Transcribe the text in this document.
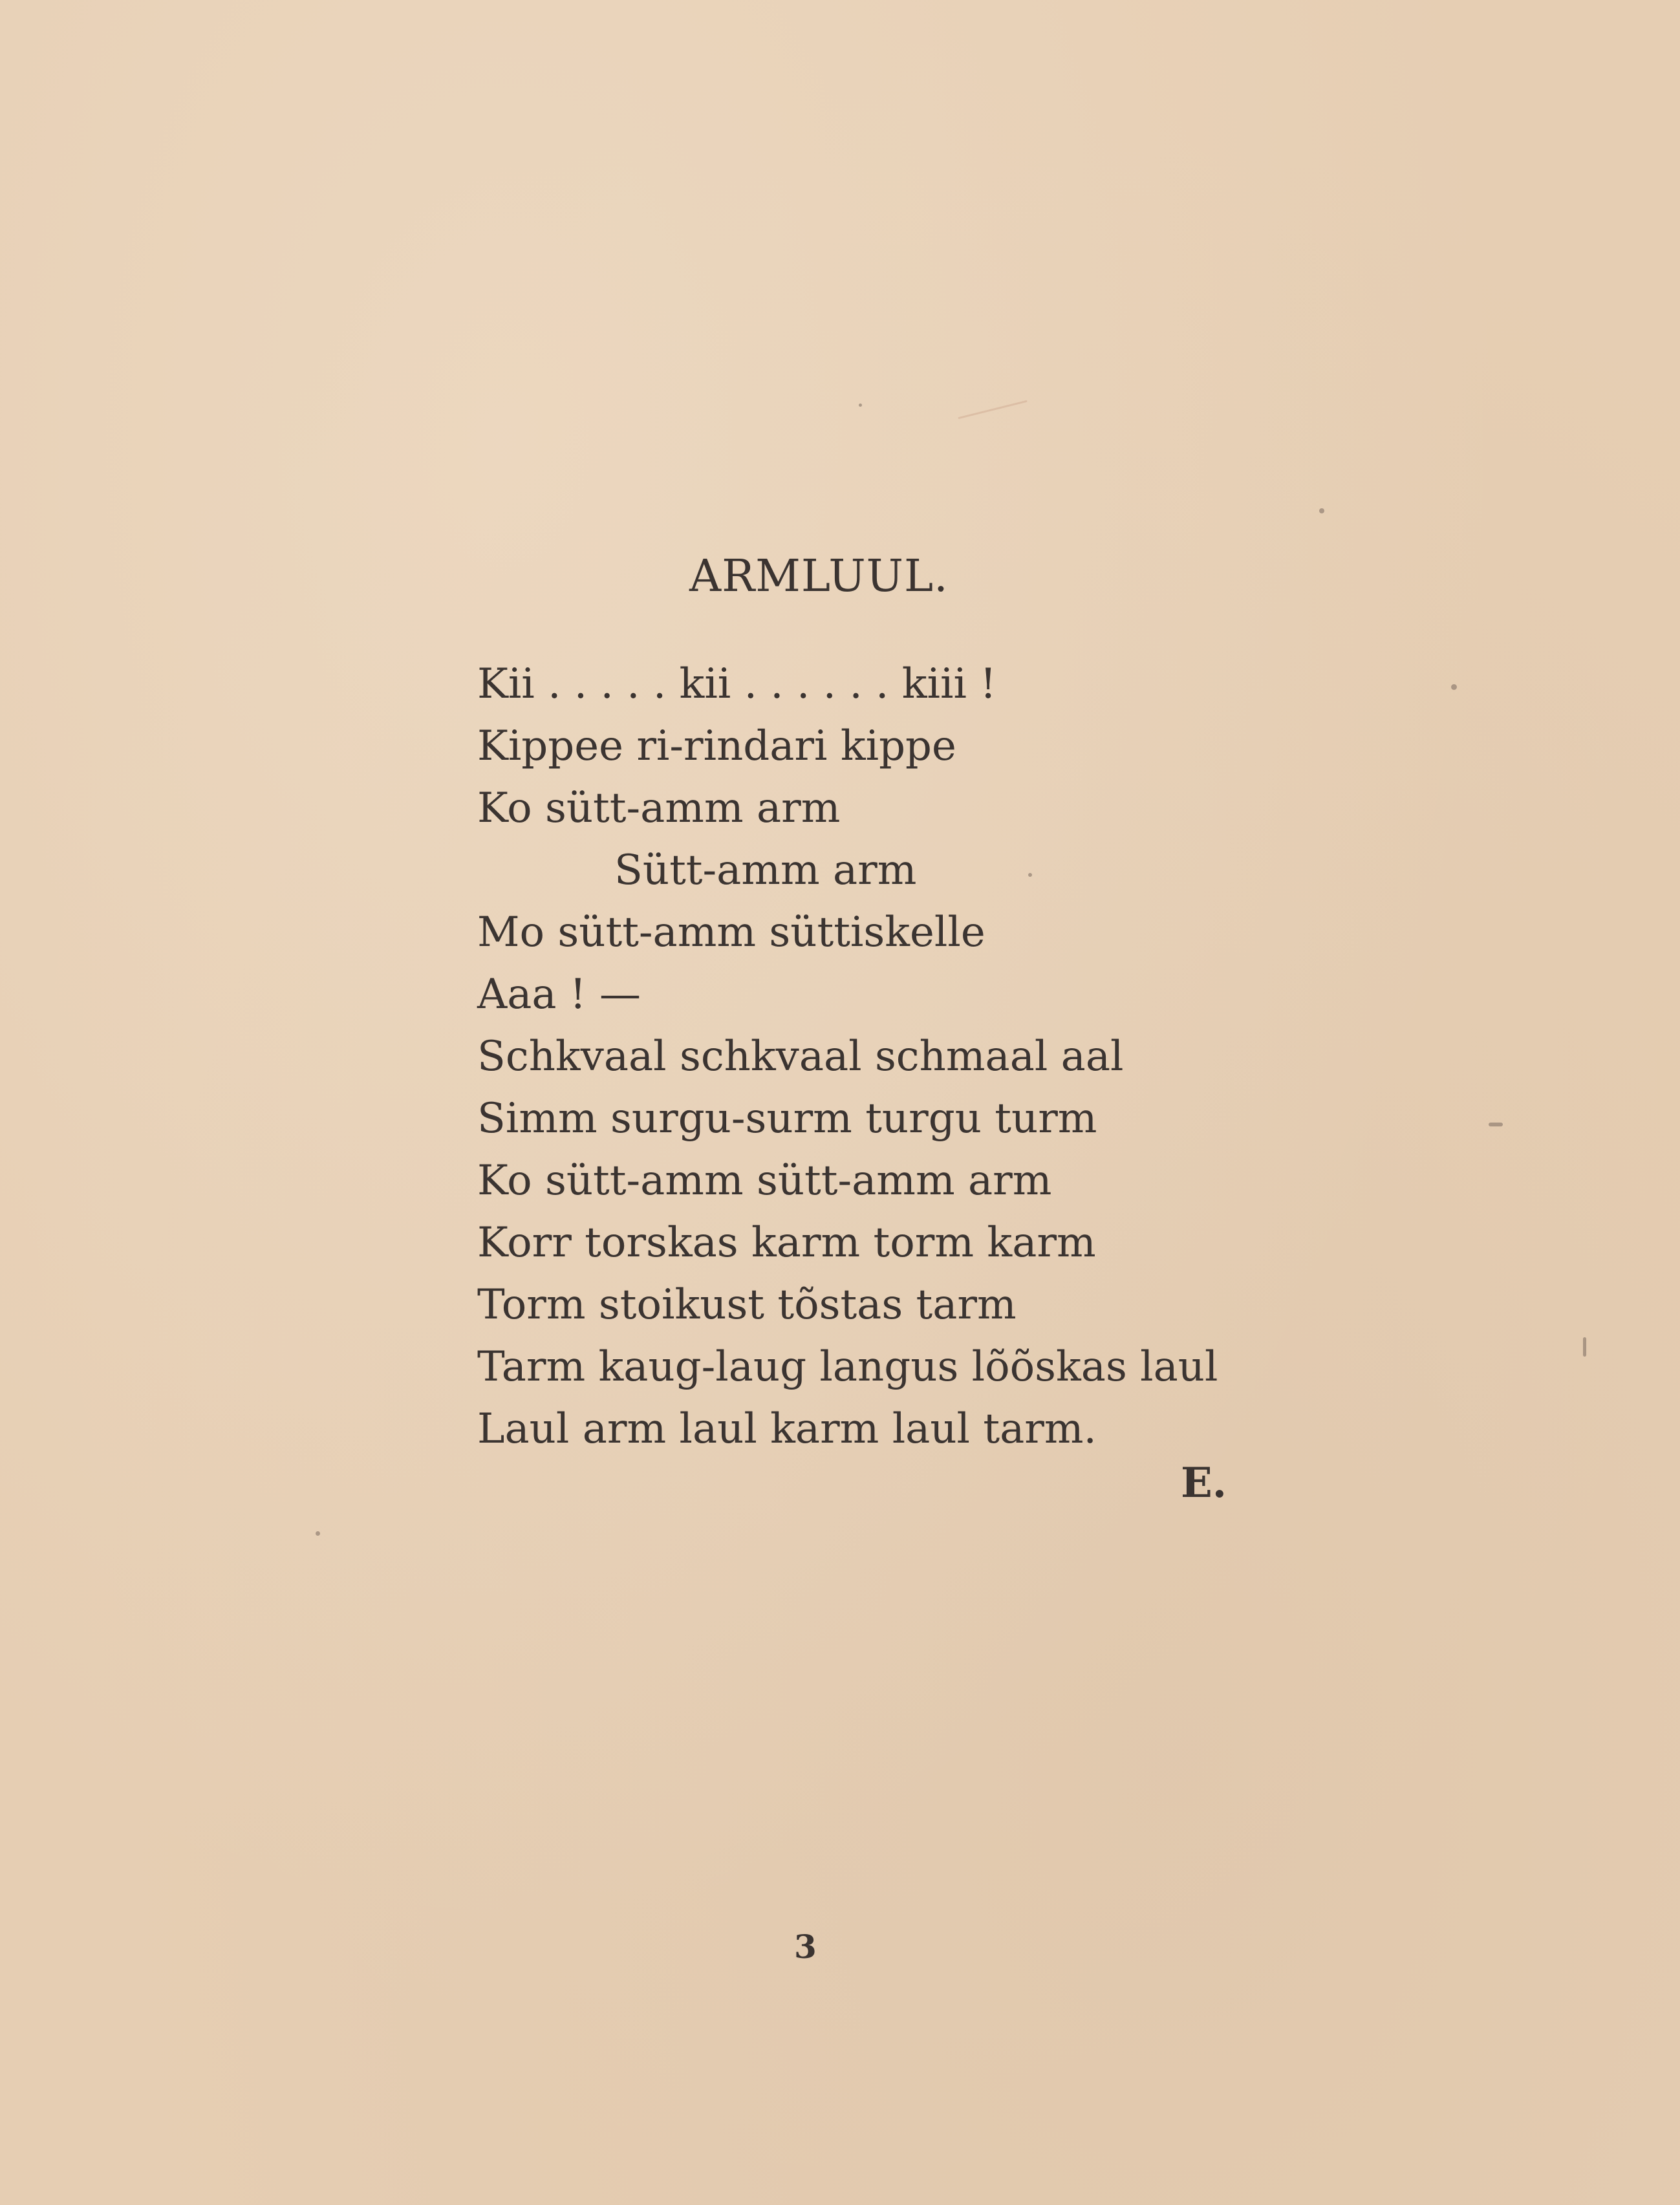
ARMLUUL.
Kii . . . . . kii . . . . . . kiii !
Kippee ri-rindari kippe
Ko sütt-amm arm
Sütt-amm arm
Mo sütt-amm süttiskelle
Aaa ! —
Schkvaal schkvaal schmaal aal
Simm surgu-surm turgu turm
Ko sütt-amm sütt-amm arm
Korr torskas karm torm karm
Torm stoikust tõstas tarm
Tarm kaug-laug langus lõõskas laul
Laul arm laul karm laul tarm.
E.
3
